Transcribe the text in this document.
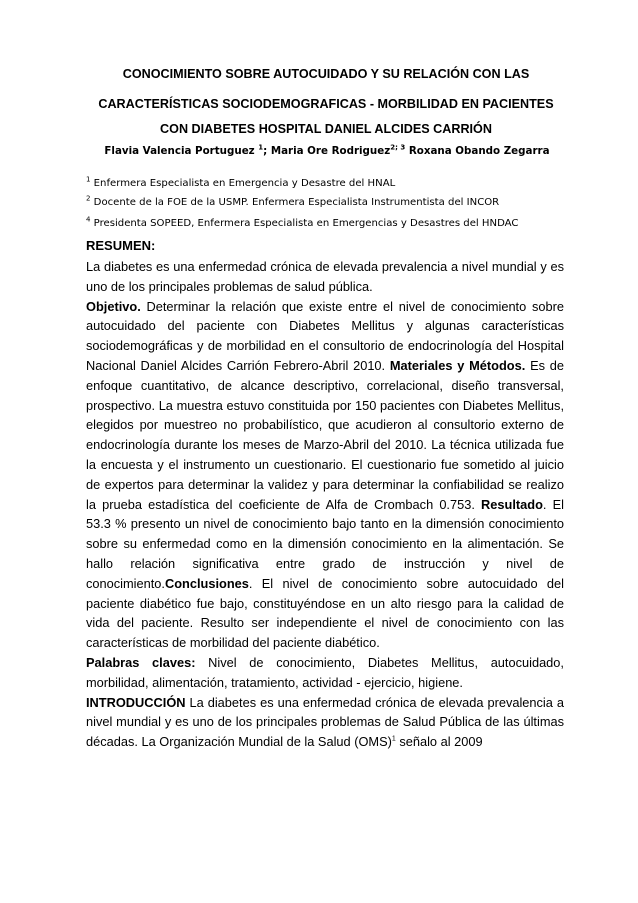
CONOCIMIENTO SOBRE AUTOCUIDADO Y SU RELACIÓN CON LAS
CARACTERÍSTICAS SOCIODEMOGRAFICAS - MORBILIDAD EN PACIENTES
CON DIABETES HOSPITAL DANIEL ALCIDES CARRIÓN
Flavia Valencia Portuguez $^1$; Maria Ore Rodriguez$^{2; 3}$ Roxana Obando Zegarra
$^1$ Enfermera Especialista en Emergencia y Desastre del HNAL
$^2$ Docente de la FOE de la USMP. Enfermera Especialista Instrumentista del INCOR
$^4$ Presidenta SOPEED, Enfermera Especialista en Emergencias y Desastres del HNDAC
RESUMEN:

La diabetes es una enfermedad crónica de elevada prevalencia a nivel mundial y es uno de los principales problemas de salud pública.

Objetivo. Determinar la relación que existe entre el nivel de conocimiento sobre autocuidado del paciente con Diabetes Mellitus y algunas características sociodemográficas y de morbilidad en el consultorio de endocrinología del Hospital Nacional Daniel Alcides Carrión Febrero-Abril 2010. Materiales y Métodos. Es de enfoque cuantitativo, de alcance descriptivo, correlacional, diseño transversal, prospectivo. La muestra estuvo constituida por 150 pacientes con Diabetes Mellitus, elegidos por muestreo no probabilístico, que acudieron al consultorio externo de endocrinología durante los meses de Marzo-Abril del 2010. La técnica utilizada fue la encuesta y el instrumento un cuestionario. El cuestionario fue sometido al juicio de expertos para determinar la validez y para determinar la confiabilidad se realizo la prueba estadística del coeficiente de Alfa de Crombach 0.753. Resultado. El 53.3 % presento un nivel de conocimiento bajo tanto en la dimensión conocimiento sobre su enfermedad como en la dimensión conocimiento en la alimentación. Se hallo relación significativa entre grado de instrucción y nivel de conocimiento.Conclusiones. El nivel de conocimiento sobre autocuidado del paciente diabético fue bajo, constituyéndose en un alto riesgo para la calidad de vida del paciente. Resulto ser independiente el nivel de conocimiento con las características de morbilidad del paciente diabético.

Palabras claves: Nivel de conocimiento, Diabetes Mellitus, autocuidado, morbilidad, alimentación, tratamiento, actividad - ejercicio, higiene.

INTRODUCCIÓN La diabetes es una enfermedad crónica de elevada prevalencia a nivel mundial y es uno de los principales problemas de Salud Pública de las últimas décadas. La Organización Mundial de la Salud (OMS)$^1$ señalo al 2009
